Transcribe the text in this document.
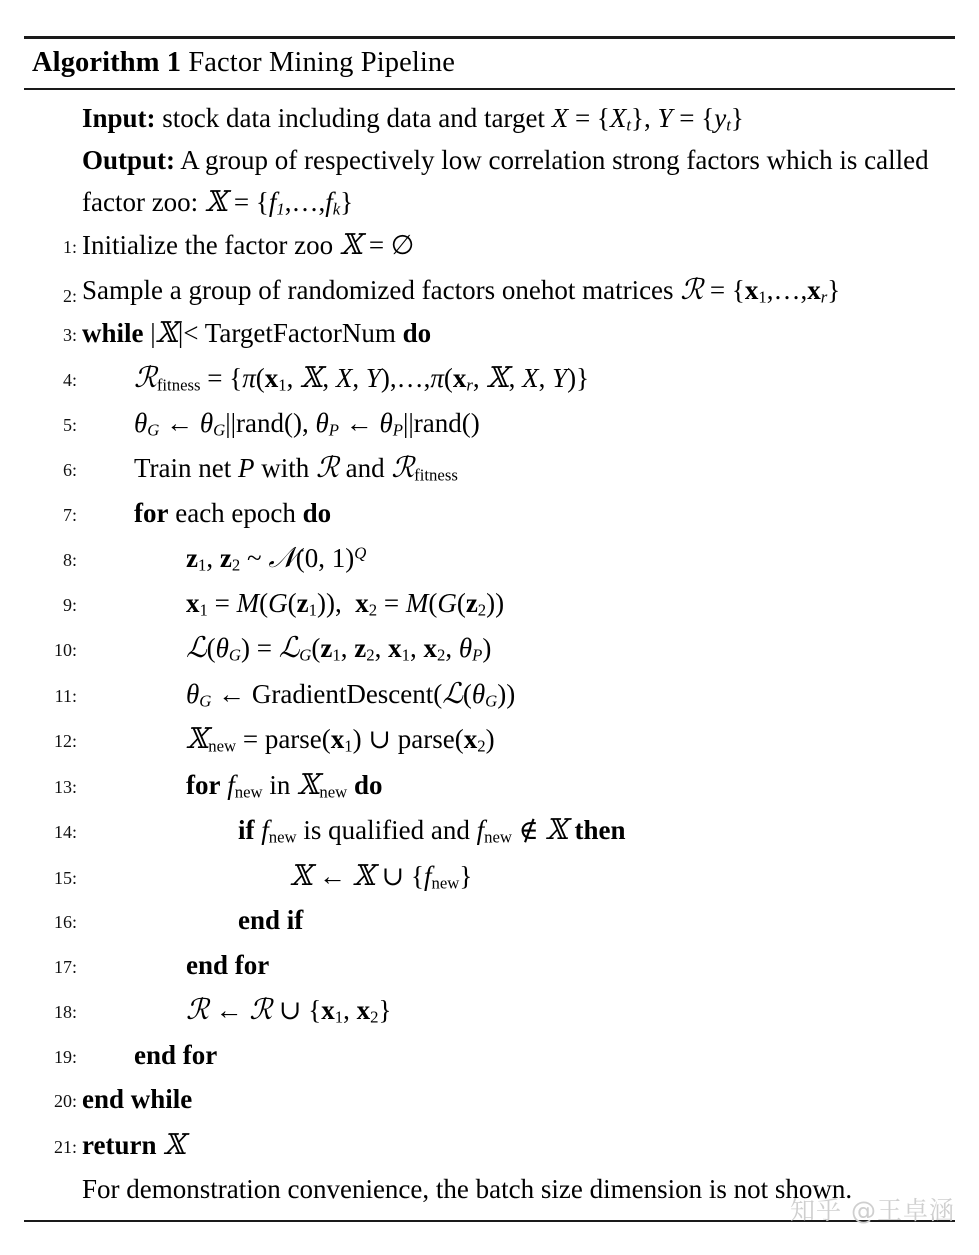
Algorithm 1 Factor Mining Pipeline
Input: stock data including data and target $X = \{X_t\}$, $Y = \{y_t\}$
Output: A group of respectively low correlation strong factors which is called factor zoo: 𝕏 = $\{f_1,\dots,f_k\}$
1: Initialize the factor zoo 𝕏 = ∅
2: Sample a group of randomized factors onehot matrices ℛ = $\{x_1,\dots,x_r\}$
3: while |𝕏|< TargetFactorNum do
4:	ℛ$_{fitness}$ = {$\pi(x_1$, 𝕏, X, $Y),\dots,\pi(x_r$, 𝕏, X, Y)}
5:	$\theta_G$ ← $\theta_G||rand()$, $\theta_P$ ← $\theta_P||rand()$
6:	Train net P with ℛ and ℛ$_{fitness}$
7:	for each epoch do
8:	$z_1$, $z_2$ ~ 𝒩(0, 1)$^Q$
9:	$x_1 = M(G(z_1))$,  $x_2 = M(G(z_2))$
10:	$ℒ(\theta_G)$ = $ℒ_G(z_1$, $z_2$, $x_1$, $x_2$, $\theta_P$)
11:	$\theta_G$ ← $GradientDescent(ℒ(\theta_G))$
12:	𝕏$_{new}$ = $parse(x_1)$ ∪ $parse(x_2)$
13:	for $f_{new}$ in 𝕏$_{new}$ do
14:	if $f_{new}$ is qualified and $f_{new}$ ∉ 𝕏 then
15:	𝕏 ← 𝕏 ∪ $\{f_{new}\}$
16:	end if
17:	end for
18:	ℛ ← ℛ ∪ {$x_1$, $x_2$}
19:	end for
20: end while
21: return 𝕏
For demonstration convenience, the batch size dimension is not shown.
知乎 @王卓涵
